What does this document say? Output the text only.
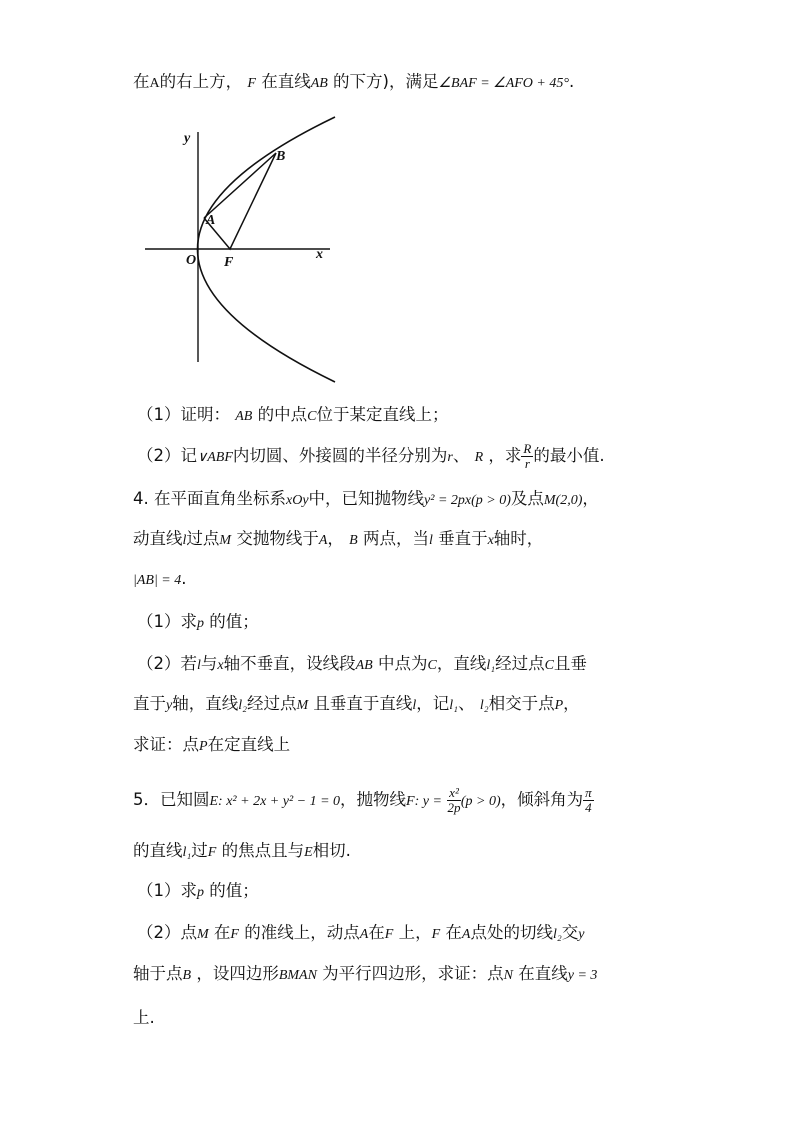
在A的右上方， F 在直线AB 的下方)，满足∠BAF = ∠AFO + 45°.
y
x
O F
A
B
（1）证明： AB 的中点C位于某定直线上；
（2）记∨ABF内切圆、外接圆的半径分别为r、 R ，求 $\frac{R}{r}$ 的最小值.
4. 在平面直角坐标系xOy中，已知抛物线y² = 2px(p > 0)及点M(2,0)，
动直线l过点M 交抛物线于A， B 两点，当l 垂直于x轴时，
|AB| = 4.
（1）求p 的值；
（2）若l与x轴不垂直，设线段AB 中点为C，直线l₁经过点C且垂
直于y轴，直线l₂经过点M 且垂直于直线l，记l₁、 l₂相交于点P，
求证：点P在定直线上
5．已知圆E: x² + 2x + y² − 1 = 0，抛物线F: $y = \frac{\text{x²}}{2p} (p > 0)$，倾斜角为 $\frac{\pi}{4}$
的直线l₁过F 的焦点且与E相切.
（1）求p 的值；
（2）点M 在F 的准线上，动点A在F 上，F 在A点处的切线l₂交y
轴于点B ，设四边形BMAN 为平行四边形，求证：点N 在直线y = 3
上.
